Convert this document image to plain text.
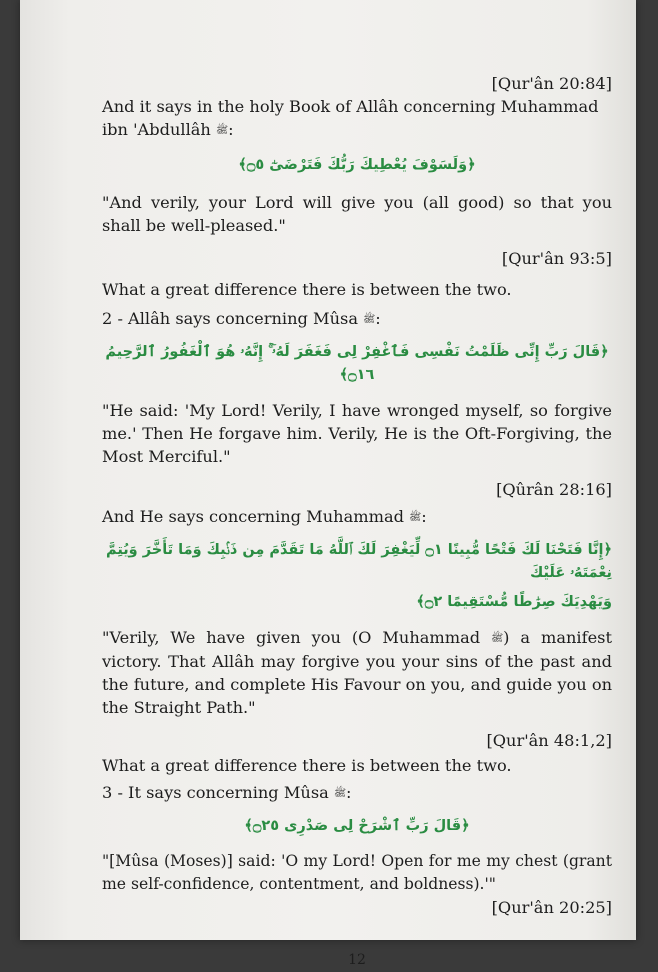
[Qur'ân 20:84]

And it says in the holy Book of Allâh concerning Muhammad ibn 'Abdullâh ﷺ:

﴿وَلَسَوْفَ يُعْطِيكَ رَبُّكَ فَتَرْضَىٰٓ ۝٥﴾

"And verily, your Lord will give you (all good) so that you shall be well-pleased."

[Qur'ân 93:5]

What a great difference there is between the two.

2 - Allâh says concerning Mûsa ﷺ:

﴿قَالَ رَبِّ إِنِّى ظَلَمْتُ نَفْسِى فَٱغْفِرْ لِى فَغَفَرَ لَهُۥٓ ۚ إِنَّهُۥ هُوَ ٱلْغَفُورُ ٱلرَّحِيمُ ۝١٦﴾

"He said: 'My Lord! Verily, I have wronged myself, so forgive me.' Then He forgave him. Verily, He is the Oft-Forgiving, the Most Merciful."

[Qûrân 28:16]

And He says concerning Muhammad ﷺ:

﴿إِنَّا فَتَحْنَا لَكَ فَتْحًا مُّبِينًا ۝١ لِّيَغْفِرَ لَكَ ٱللَّهُ مَا تَقَدَّمَ مِن ذَنۢبِكَ وَمَا تَأَخَّرَ وَيُتِمَّ نِعْمَتَهُۥ عَلَيْكَ

وَيَهْدِيَكَ صِرَٰطًا مُّسْتَقِيمًا ۝٢﴾

"Verily, We have given you (O Muhammad ﷺ) a manifest victory. That Allâh may forgive you your sins of the past and the future, and complete His Favour on you, and guide you on the Straight Path."

[Qur'ân 48:1,2]

What a great difference there is between the two.

3 - It says concerning Mûsa ﷺ:

﴿قَالَ رَبِّ ٱشْرَحْ لِى صَدْرِى ۝٢٥﴾

"[Mûsa (Moses)] said: 'O my Lord! Open for me my chest (grant me self-confidence, contentment, and boldness).'"

[Qur'ân 20:25]

12
